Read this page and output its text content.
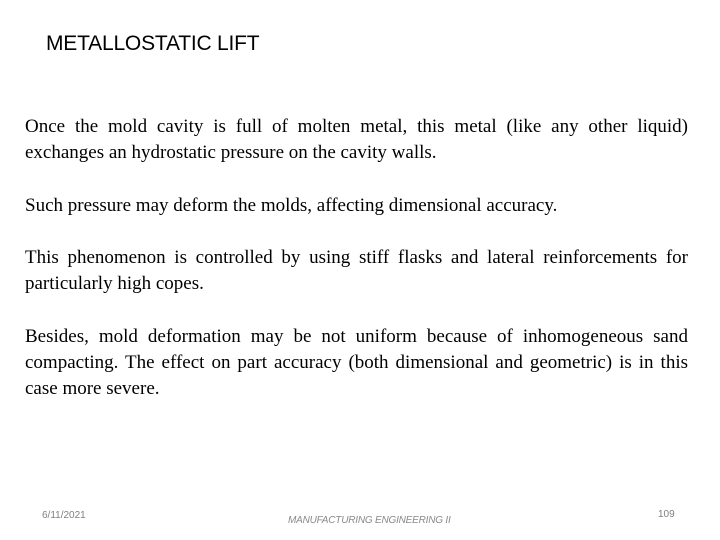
METALLOSTATIC LIFT

Once the mold cavity is full of molten metal, this metal (like any other liquid) exchanges an hydrostatic pressure on the cavity walls.

Such pressure may deform the molds, affecting dimensional accuracy.

This phenomenon is controlled by using stiff flasks and lateral reinforcements for particularly high copes.

Besides, mold deformation may be not uniform because of inhomogeneous sand compacting. The effect on part accuracy (both dimensional and geometric) is in this case more severe.

6/11/2021	MANUFACTURING ENGINEERING II

109
